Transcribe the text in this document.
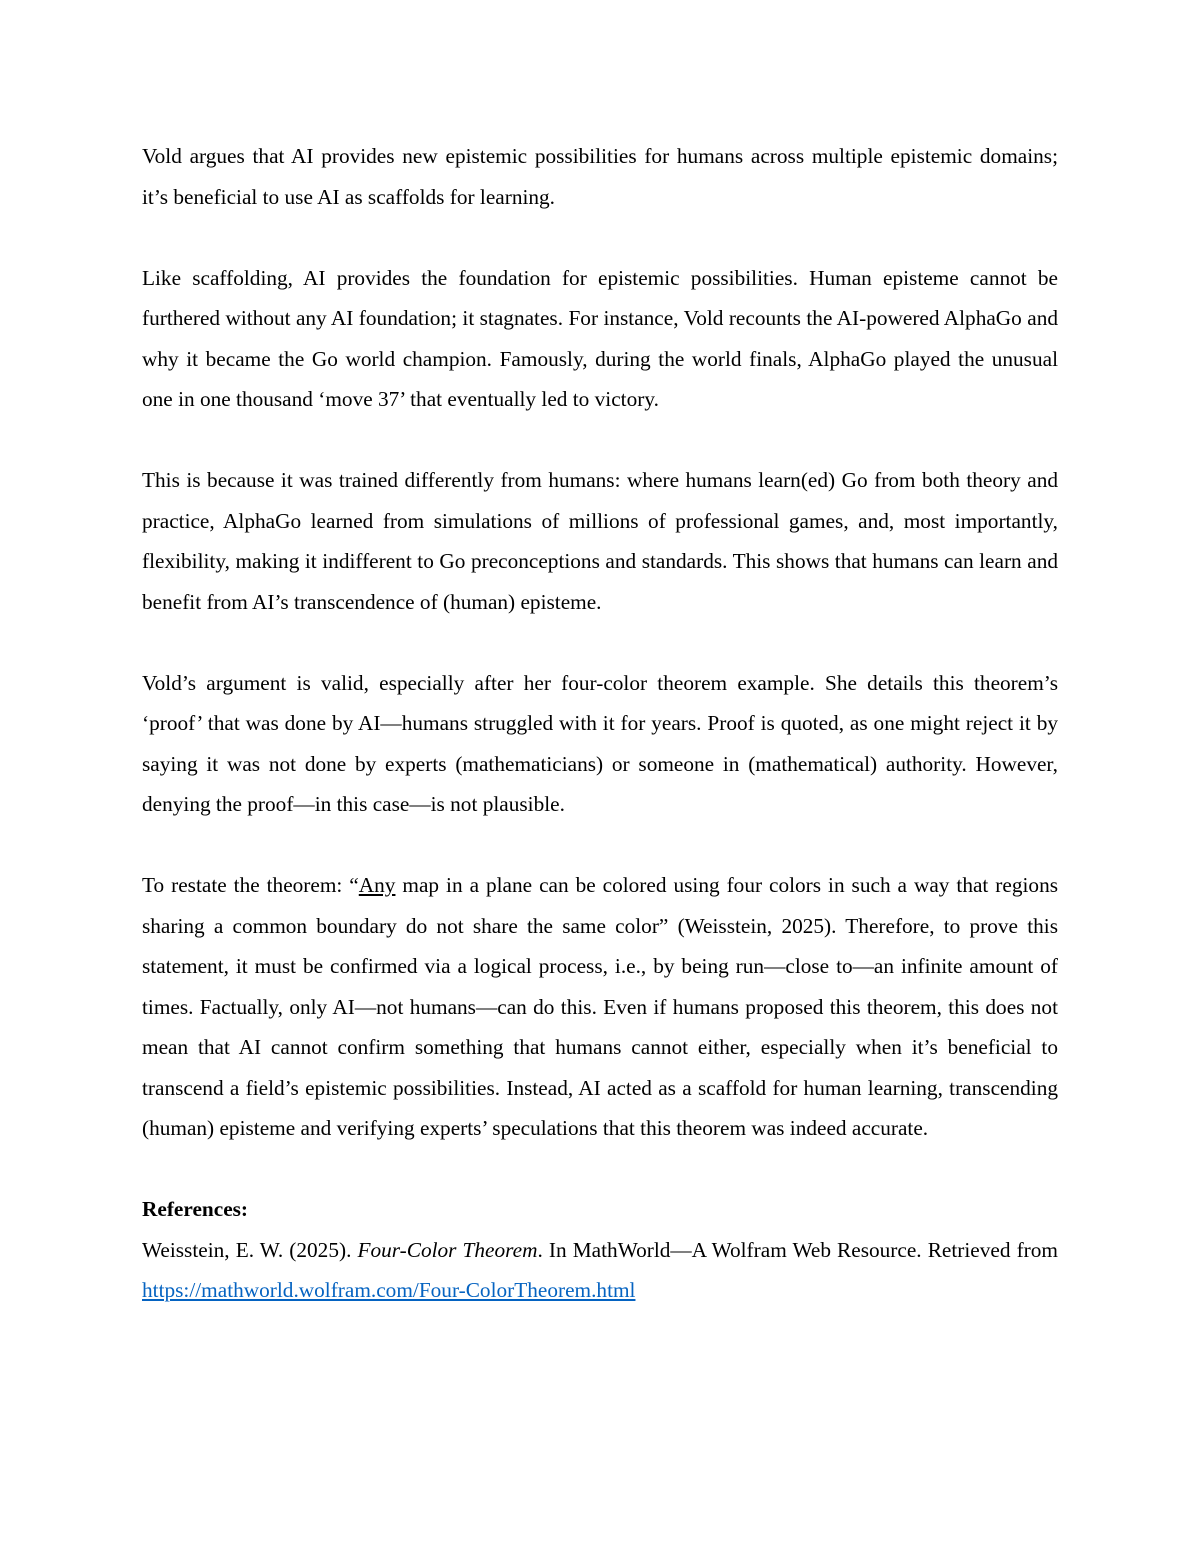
Vold argues that AI provides new epistemic possibilities for humans across multiple epistemic domains; it’s beneficial to use AI as scaffolds for learning.

Like scaffolding, AI provides the foundation for epistemic possibilities. Human episteme cannot be furthered without any AI foundation; it stagnates. For instance, Vold recounts the AI-powered AlphaGo and why it became the Go world champion. Famously, during the world finals, AlphaGo played the unusual one in one thousand ‘move 37’ that eventually led to victory.

This is because it was trained differently from humans: where humans learn(ed) Go from both theory and practice, AlphaGo learned from simulations of millions of professional games, and, most importantly, flexibility, making it indifferent to Go preconceptions and standards. This shows that humans can learn and benefit from AI’s transcendence of (human) episteme.

Vold’s argument is valid, especially after her four-color theorem example. She details this theorem’s ‘proof’ that was done by AI—humans struggled with it for years. Proof is quoted, as one might reject it by saying it was not done by experts (mathematicians) or someone in (mathematical) authority. However, denying the proof—in this case—is not plausible.

To restate the theorem: “Any map in a plane can be colored using four colors in such a way that regions sharing a common boundary do not share the same color” (Weisstein, 2025). Therefore, to prove this statement, it must be confirmed via a logical process, i.e., by being run—close to—an infinite amount of times. Factually, only AI—not humans—can do this. Even if humans proposed this theorem, this does not mean that AI cannot confirm something that humans cannot either, especially when it’s beneficial to transcend a field’s epistemic possibilities. Instead, AI acted as a scaffold for human learning, transcending (human) episteme and verifying experts’ speculations that this theorem was indeed accurate.

References:

Weisstein, E. W. (2025). Four-Color Theorem. In MathWorld—A Wolfram Web Resource. Retrieved from https://mathworld.wolfram.com/Four-ColorTheorem.html
